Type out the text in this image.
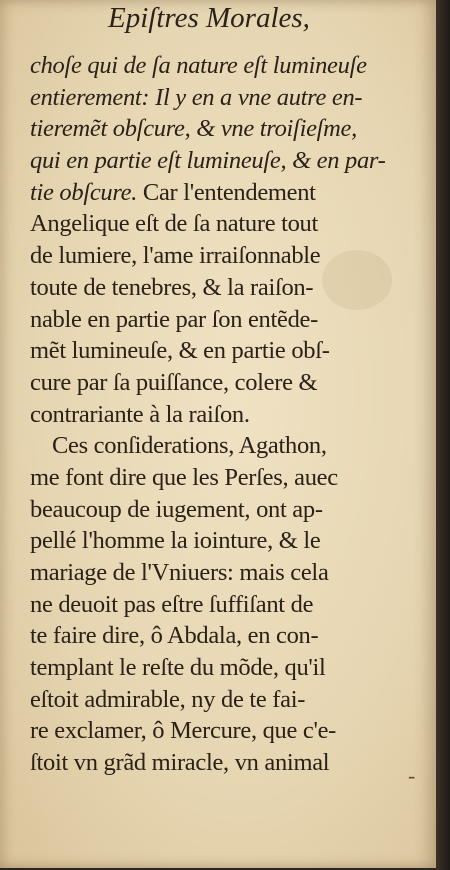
Epiſtres Morales,
choſe qui de ſa nature eſt lumineuſe
entierement: Il y en a vne autre en-
tieremẽt obſcure, & vne troiſieſme,
qui en partie eſt lumineuſe, & en par-
tie obſcure. Car l'entendement
Angelique eſt de ſa nature tout
de lumiere, l'ame irraiſonnable
toute de tenebres, & la raiſon-
nable en partie par ſon entẽde-
mẽt lumineuſe, & en partie obſ-
cure par ſa puiſſance, colere &
contrariante à la raiſon.
Ces conſiderations, Agathon,
me font dire que les Perſes, auec
beaucoup de iugement, ont ap-
pellé l'homme la iointure, & le
mariage de l'Vniuers: mais cela
ne deuoit pas eſtre ſuffiſant de
te faire dire, ô Abdala, en con-
templant le reſte du mõde, qu'il
eſtoit admirable, ny de te fai-
re exclamer, ô Mercure, que c'e-
ſtoit vn grãd miracle, vn animal	-
